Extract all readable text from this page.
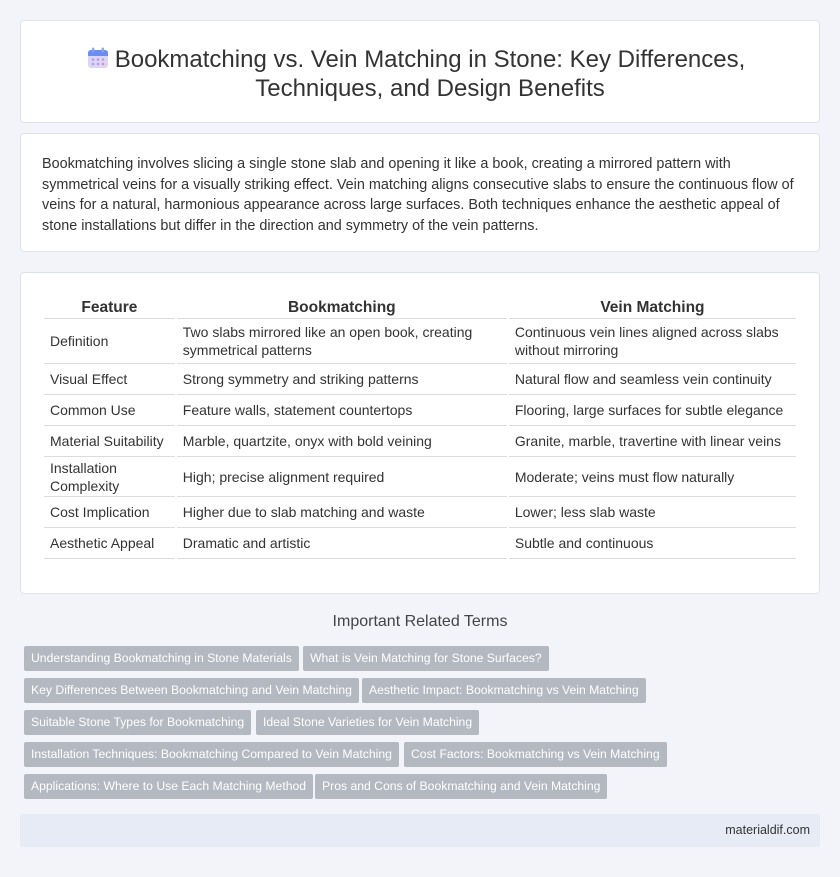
Bookmatching vs. Vein Matching in Stone: Key Differences, Techniques, and Design Benefits

Bookmatching involves slicing a single stone slab and opening it like a book, creating a mirrored pattern with symmetrical veins for a visually striking effect. Vein matching aligns consecutive slabs to ensure the continuous flow of veins for a natural, harmonious appearance across large surfaces. Both techniques enhance the aesthetic appeal of stone installations but differ in the direction and symmetry of the vein patterns.

Feature	Bookmatching	Vein Matching
Definition	Two slabs mirrored like an open book, creating symmetrical patterns	Continuous vein lines aligned across slabs without mirroring
Visual Effect	Strong symmetry and striking patterns	Natural flow and seamless vein continuity
Common Use	Feature walls, statement countertops	Flooring, large surfaces for subtle elegance
Material Suitability	Marble, quartzite, onyx with bold veining	Granite, marble, travertine with linear veins
Installation Complexity	High; precise alignment required	Moderate; veins must flow naturally
Cost Implication	Higher due to slab matching and waste	Lower; less slab waste
Aesthetic Appeal	Dramatic and artistic	Subtle and continuous
Important Related Terms
Understanding Bookmatching in Stone Materials	What is Vein Matching for Stone Surfaces?
Key Differences Between Bookmatching and Vein Matching	Aesthetic Impact: Bookmatching vs Vein Matching
Suitable Stone Types for Bookmatching	Ideal Stone Varieties for Vein Matching
Installation Techniques: Bookmatching Compared to Vein Matching	Cost Factors: Bookmatching vs Vein Matching
Applications: Where to Use Each Matching Method	Pros and Cons of Bookmatching and Vein Matching
materialdif.com
